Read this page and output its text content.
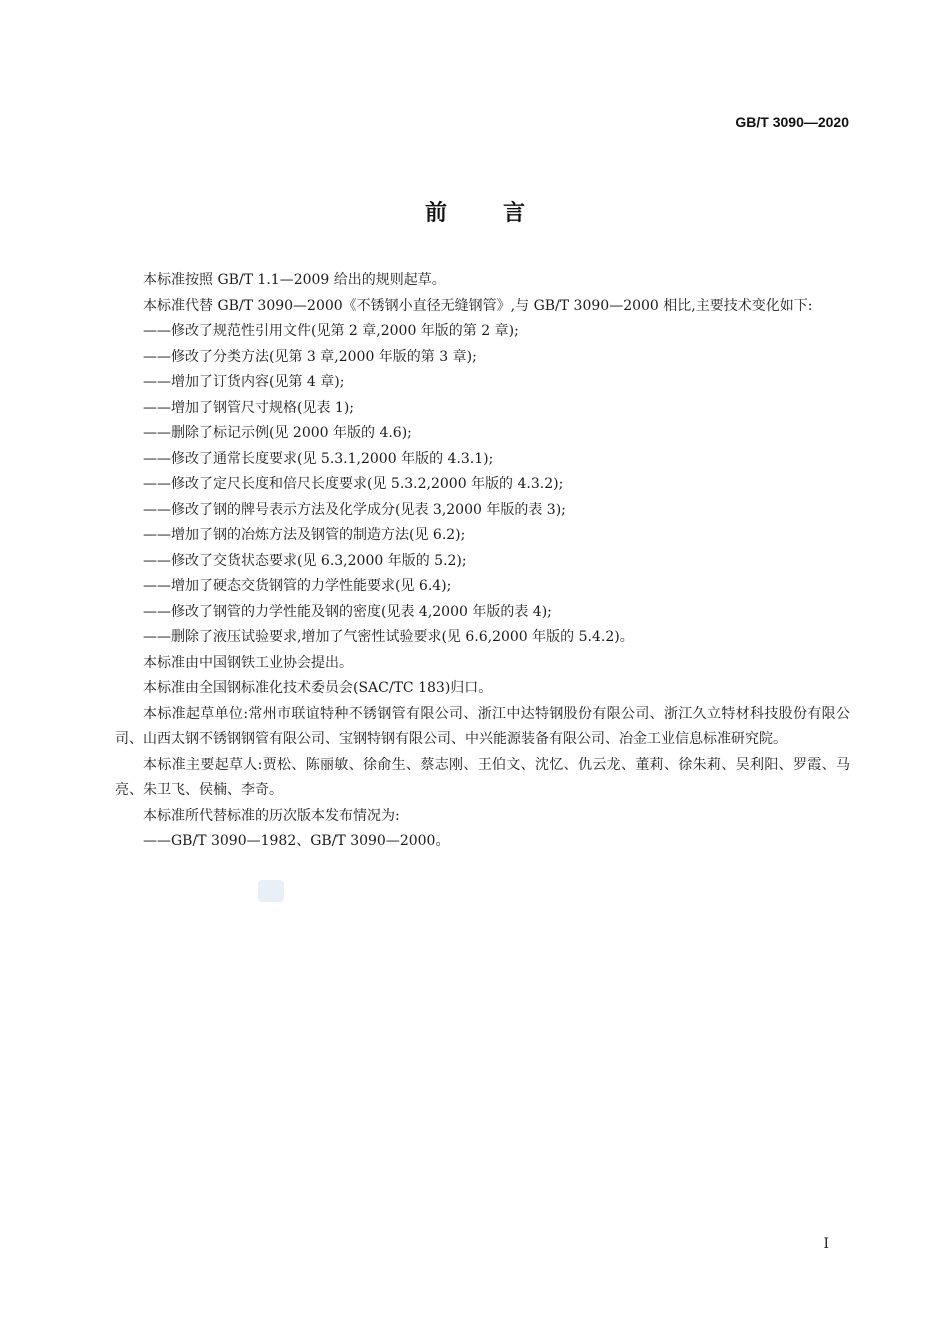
GB/T 3090—2020
前言

本标准按照 GB/T 1.1—2009 给出的规则起草。

本标准代替 GB/T 3090—2000《不锈钢小直径无缝钢管》,与 GB/T 3090—2000 相比,主要技术变化如下:

——修改了规范性引用文件(见第 2 章,2000 年版的第 2 章);

——修改了分类方法(见第 3 章,2000 年版的第 3 章);

——增加了订货内容(见第 4 章);

——增加了钢管尺寸规格(见表 1);

——删除了标记示例(见 2000 年版的 4.6);

——修改了通常长度要求(见 5.3.1,2000 年版的 4.3.1);

——修改了定尺长度和倍尺长度要求(见 5.3.2,2000 年版的 4.3.2);

——修改了钢的牌号表示方法及化学成分(见表 3,2000 年版的表 3);

——增加了钢的冶炼方法及钢管的制造方法(见 6.2);

——修改了交货状态要求(见 6.3,2000 年版的 5.2);

——增加了硬态交货钢管的力学性能要求(见 6.4);

——修改了钢管的力学性能及钢的密度(见表 4,2000 年版的表 4);

——删除了液压试验要求,增加了气密性试验要求(见 6.6,2000 年版的 5.4.2)。

本标准由中国钢铁工业协会提出。

本标准由全国钢标准化技术委员会(SAC/TC 183)归口。

本标准起草单位:常州市联谊特种不锈钢管有限公司、浙江中达特钢股份有限公司、浙江久立特材科技股份有限公司、山西太钢不锈钢钢管有限公司、宝钢特钢有限公司、中兴能源装备有限公司、冶金工业信息标准研究院。

本标准主要起草人:贾松、陈丽敏、徐俞生、蔡志刚、王伯文、沈忆、仇云龙、董莉、徐朱莉、吴利阳、罗霞、马亮、朱卫飞、侯楠、李奇。

本标准所代替标准的历次版本发布情况为:

——GB/T 3090—1982、GB/T 3090—2000。

I
